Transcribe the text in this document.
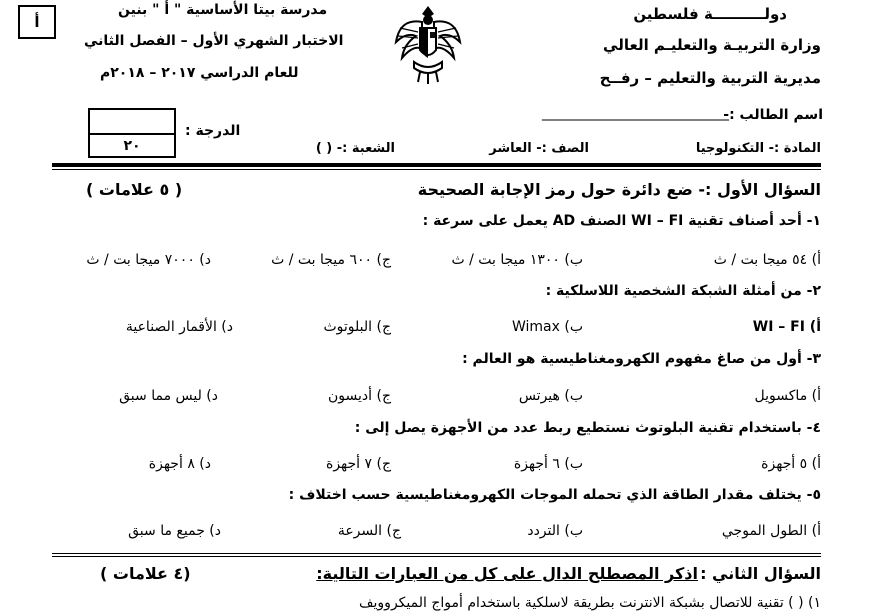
دولــــــــــة فلسطين
وزارة التربيـة والتعليـم العالي
مديرية التربية والتعليم – رفــح
مدرسة بيتا الأساسية " أ " بنين
الاختبار الشهري الأول – الفصل الثاني
للعام الدراسي ٢٠١٧ – ٢٠١٨م
أ
اسم الطالب :-
_______________________________
الدرجة :
٢٠	المادة :- التكنولوجيا
الصف :- العاشر
الشعبة :- ( )
السؤال الأول :- ضع دائرة حول رمز الإجابة الصحيحة
( ٥ علامات )
١- أحد أصناف تقنية WI – FI الصنف AD يعمل على سرعة :
أ) ٥٤ ميجا بت / ث
ب) ١٣٠٠ ميجا بت / ث
ج) ٦٠٠ ميجا بت / ث
د) ٧٠٠٠ ميجا بت / ث
٢- من أمثلة الشبكة الشخصية اللاسلكية :
أ) WI – FI
ب) Wimax
ج) البلوتوث
د) الأقمار الصناعية
٣- أول من صاغ مفهوم الكهرومغناطيسية هو العالم :
أ) ماكسويل
ب) هيرتس
ج) أديسون
د) ليس مما سبق
٤- باستخدام تقنية البلوتوث نستطيع ربط عدد من الأجهزة يصل إلى :
أ) ٥ أجهزة
ب) ٦ أجهزة
ج) ٧ أجهزة
د) ٨ أجهزة
٥- يختلف مقدار الطاقة الذي تحمله الموجات الكهرومغناطيسية حسب اختلاف :
أ) الطول الموجي
ب) التردد
ج) السرعة
د) جميع ما سبق
السؤال الثاني :
اذكر المصطلح الدال على كل من العبارات التالية:
(٤ علامات )
١) ( ) تقنية للاتصال بشبكة الانترنت بطريقة لاسلكية باستخدام أمواج الميكروويف
